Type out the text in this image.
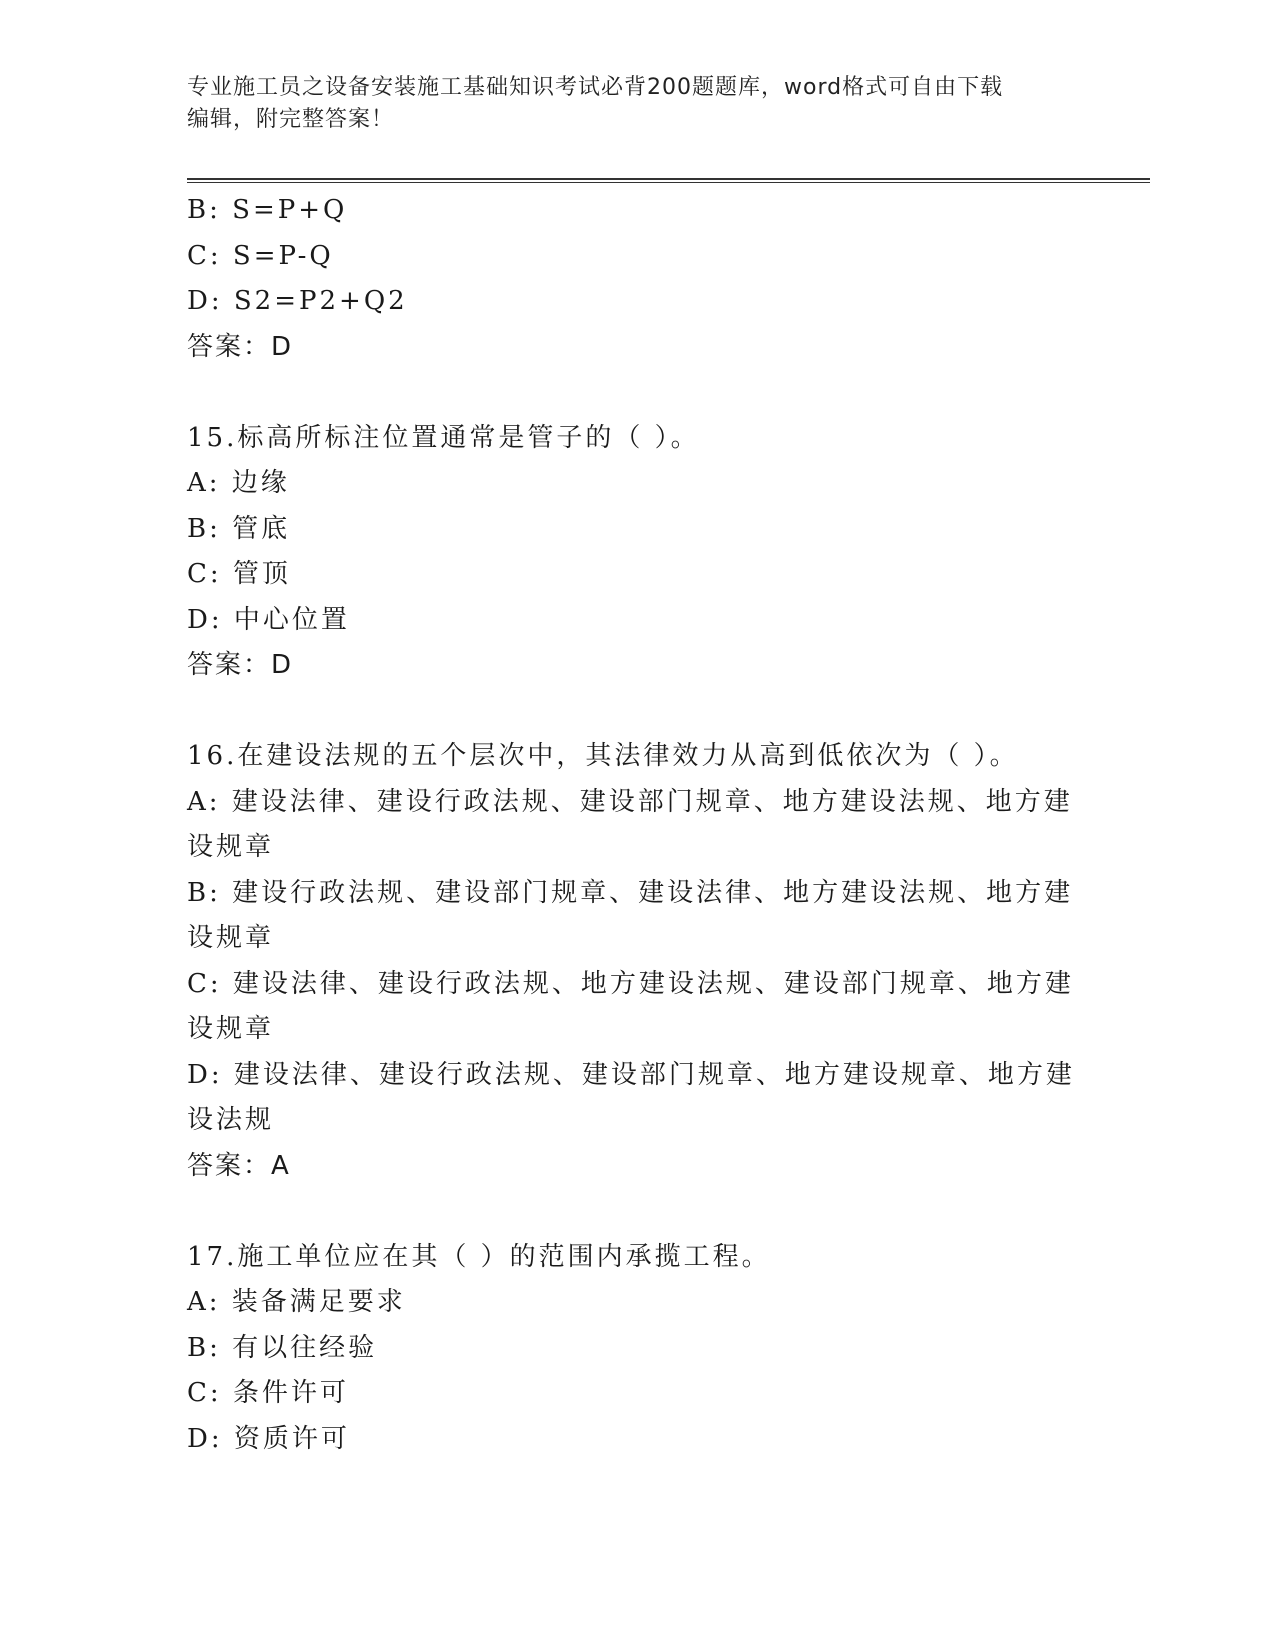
专业施工员之设备安装施工基础知识考试必背200题题库，word格式可自由下载
编辑，附完整答案！
B: S=P+Q
C: S=P-Q
D: S2=P2+Q2
答案：D
15.标高所标注位置通常是管子的（ ）。
A: 边缘
B: 管底
C: 管顶
D: 中心位置
答案：D
16.在建设法规的五个层次中，其法律效力从高到低依次为（ ）。
A: 建设法律、建设行政法规、建设部门规章、地方建设法规、地方建
设规章
B: 建设行政法规、建设部门规章、建设法律、地方建设法规、地方建
设规章
C: 建设法律、建设行政法规、地方建设法规、建设部门规章、地方建
设规章
D: 建设法律、建设行政法规、建设部门规章、地方建设规章、地方建
设法规
答案：A
17.施工单位应在其（ ）的范围内承揽工程。
A: 装备满足要求
B: 有以往经验
C: 条件许可
D: 资质许可
